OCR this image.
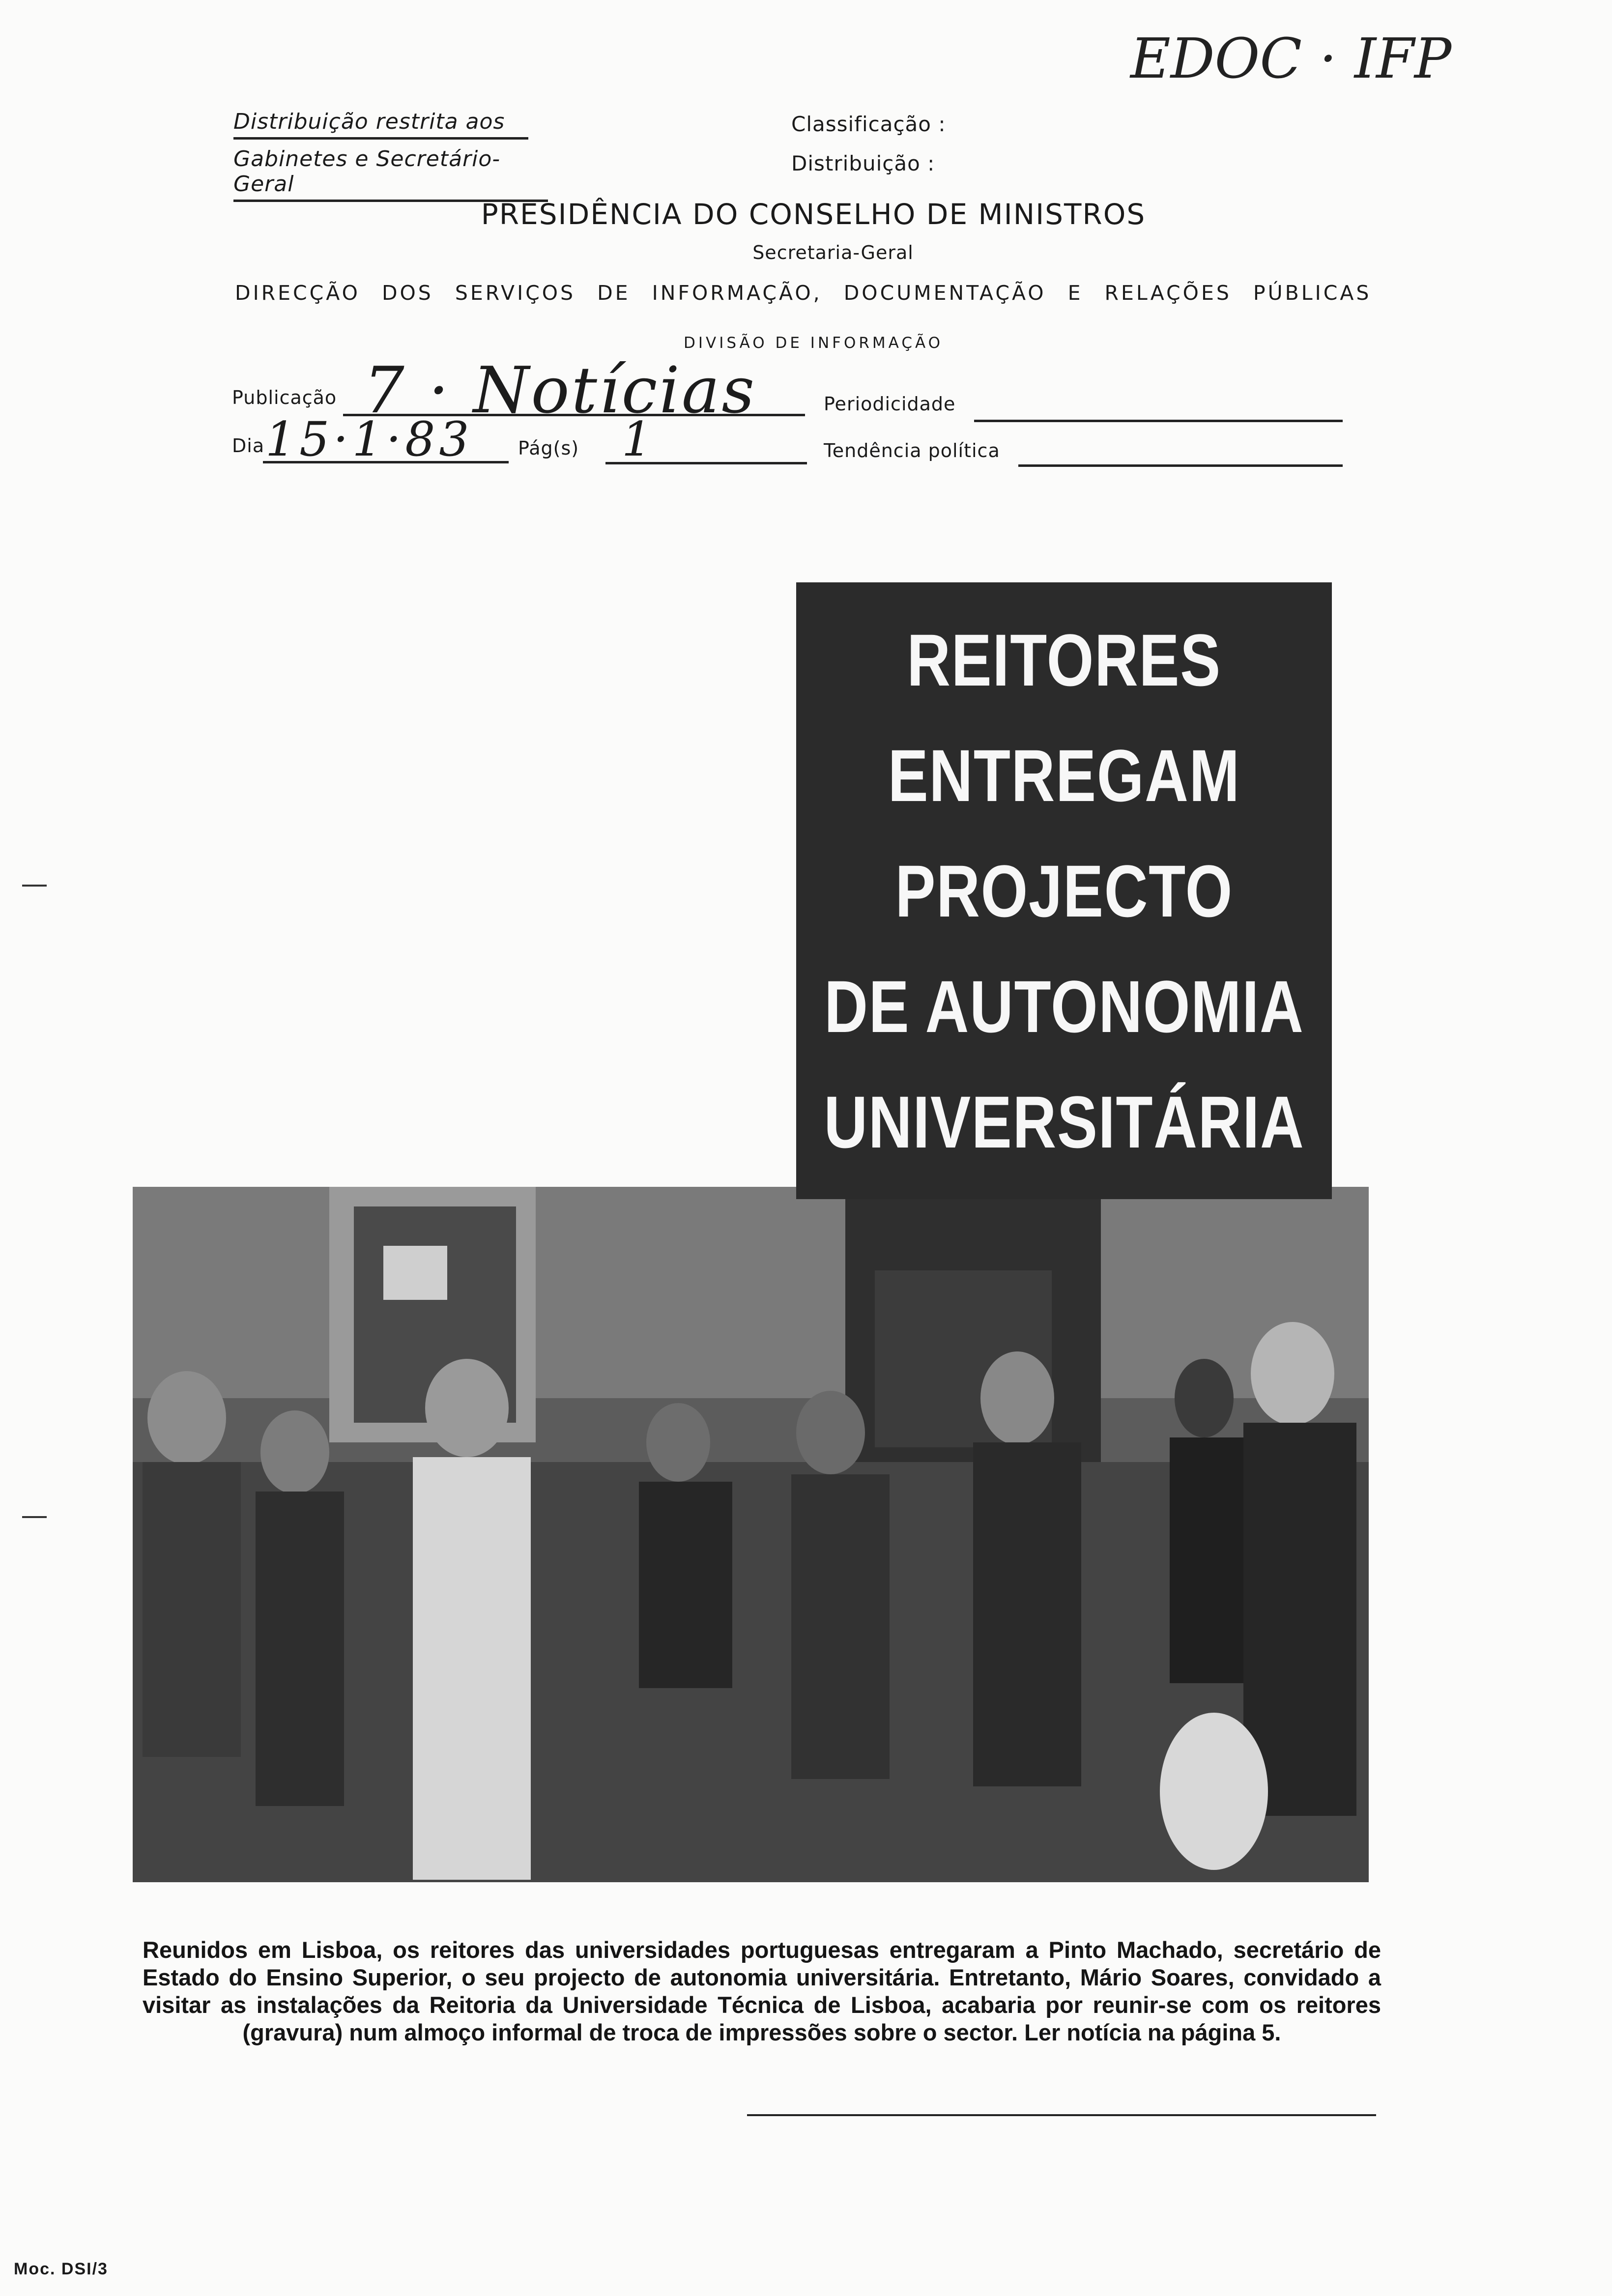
EDOC · IFP
Distribuição restrita aos
Gabinetes e Secretário-Geral
Classificação :
Distribuição :
PRESIDÊNCIA DO CONSELHO DE MINISTROS
Secretaria-Geral
DIRECÇÃO DOS SERVIÇOS DE INFORMAÇÃO, DOCUMENTAÇÃO E RELAÇÕES PÚBLICAS
DIVISÃO DE INFORMAÇÃO
Publicação 7 · Notícias	Periodicidade
Dia 15·1·83	Pág(s) 1	Tendência política
REITORES
ENTREGAM
PROJECTO
DE AUTONOMIA
UNIVERSITÁRIA
Reunidos em Lisboa, os reitores das universidades portuguesas entregaram a Pinto Machado, secretário de Estado do Ensino Superior, o seu projecto de autonomia universitária. Entretanto, Mário Soares, convidado a visitar as instalações da Reitoria da Universidade Técnica de Lisboa, acabaria por reunir-se com os reitores (gravura) num almoço informal de troca de impressões sobre o sector. Ler notícia na página 5.
Moc. DSI/3
